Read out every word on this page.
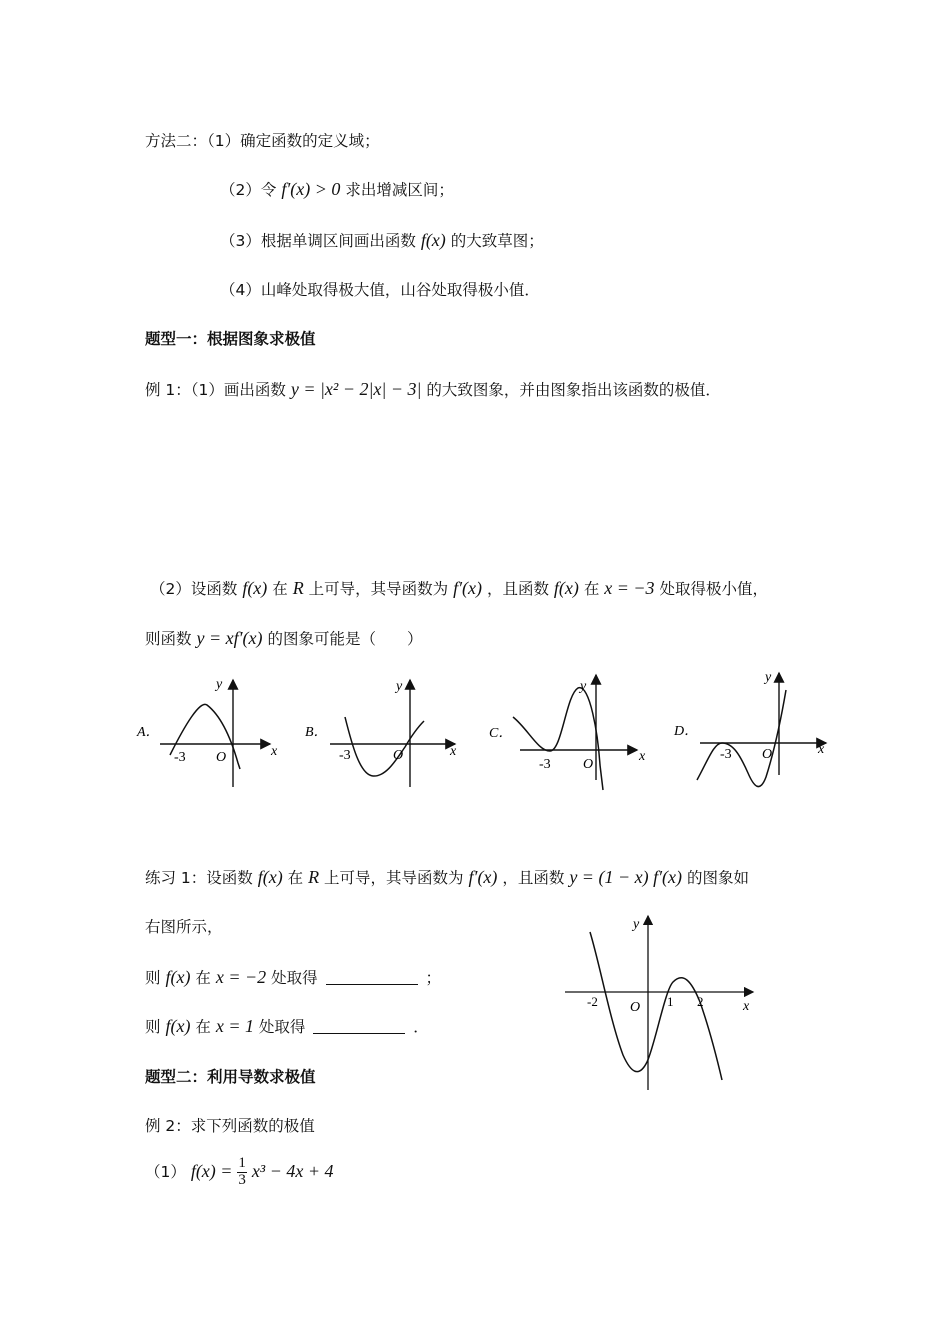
方法二：（1）确定函数的定义域；
（2）令 f′(x) > 0 求出增减区间；
（3）根据单调区间画出函数 f(x) 的大致草图；
（4）山峰处取得极大值，山谷处取得极小值．
题型一：根据图象求极值
例 1：（1）画出函数 y = |x² − 2|x| − 3| 的大致图象，并由图象指出该函数的极值．
（2）设函数 f(x) 在 R 上可导，其导函数为 f′(x) ，且函数 f(x) 在 x = −3 处取得极小值，
则函数 y = xf′(x) 的图象可能是（　　）
A．
y
x
-3 O
B．
y
x
-3	O
C．
y
x
-3 O
D．
y
x
-3 O
练习 1：设函数 f(x) 在 R 上可导，其导函数为 f′(x) ，且函数 y = (1 − x) f′(x) 的图象如
右图所示，
则 f(x) 在 x = −2 处取得	；
则 f(x) 在 x = 1 处取得	．
y
x
-2 O 1 2
题型二：利用导数求极值
例 2：求下列函数的极值
（1） $f(x) = \frac{1}{3} x^3 - 4x + 4$
